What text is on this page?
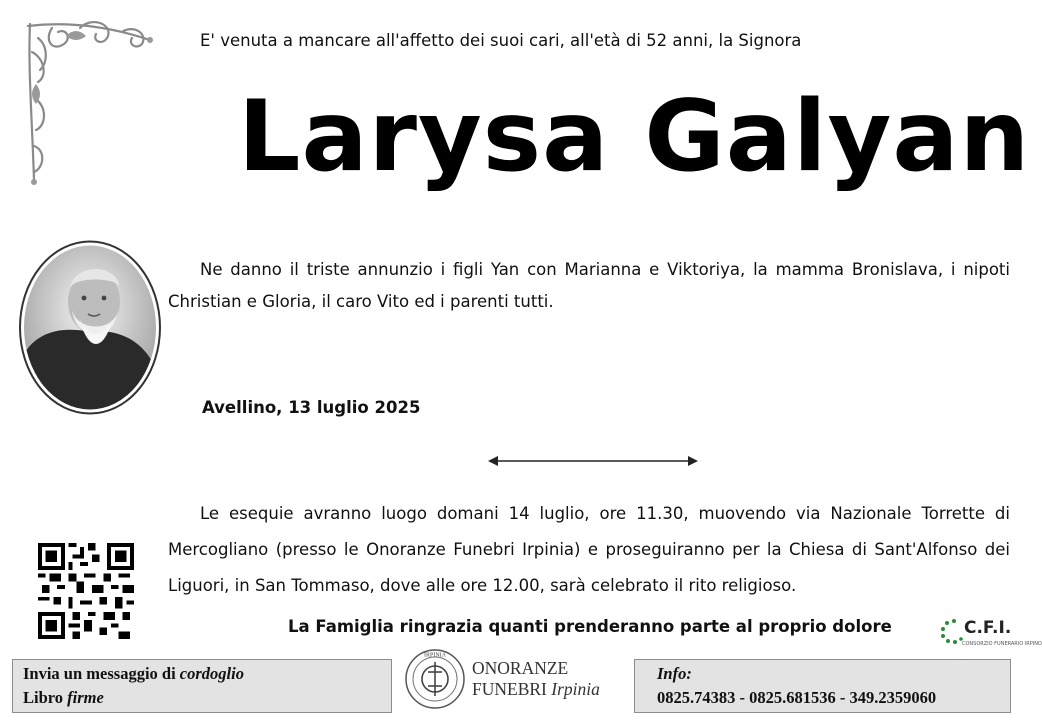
E' venuta a mancare all'affetto dei suoi cari, all'età di 52 anni, la Signora
Larysa Galyan
Ne danno il triste annunzio i figli Yan con Marianna e Viktoriya, la mamma Bronislava, i nipoti Christian e Gloria, il caro Vito ed i parenti tutti.
Avellino, 13 luglio 2025
Le esequie avranno luogo domani 14 luglio, ore 11.30, muovendo via Nazionale Torrette di Mercogliano (presso le Onoranze Funebri Irpinia) e proseguiranno per la Chiesa di Sant'Alfonso dei Liguori, in San Tommaso, dove alle ore 12.00, sarà celebrato il rito religioso.
La Famiglia ringrazia quanti prenderanno parte al proprio dolore	C.F.I.
CONSORZIO FUNERARIO IRPINO
Invia un messaggio di cordoglio
Libro firme
IRPINIA
ONORANZE
FUNEBRI Irpinia
Info:
0825.74383 - 0825.681536 - 349.2359060
